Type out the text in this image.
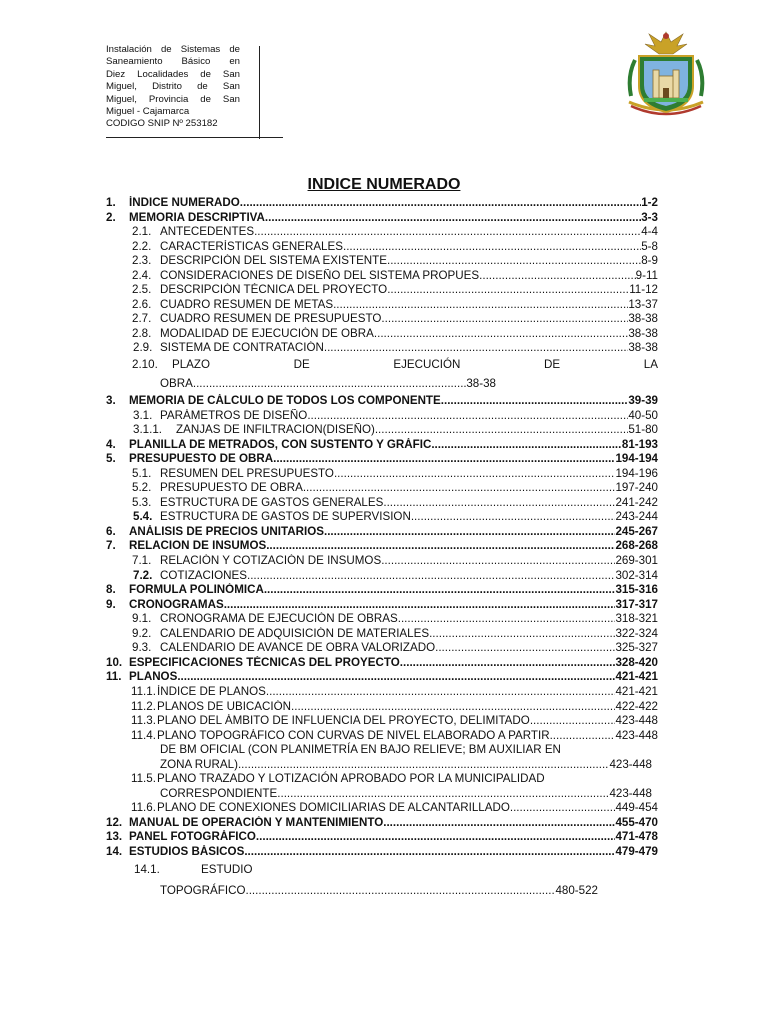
Instalación de Sistemas de
Saneamiento Básico en
Diez Localidades de San
Miguel, Distrito de San
Miguel, Provincia de San
Miguel - Cajamarca
CODIGO SNIP Nº 253182
INDICE NUMERADO
1. ÍNDICE NUMERADO .....	1-2
2. MEMORIA DESCRIPTIVA .....	3-3
2.1. ANTECEDENTES .....	4-4
2.2. CARACTERÍSTICAS GENERALES .....	5-8
2.3. DESCRIPCIÓN DEL SISTEMA EXISTENTE .....	8-9
2.4. CONSIDERACIONES DE DISEÑO DEL SISTEMA PROPUES .....	9-11
2.5. DESCRIPCIÓN TÉCNICA DEL PROYECTO .....	11-12
2.6. CUADRO RESUMEN DE METAS .....	13-37
2.7. CUADRO RESUMEN DE PRESUPUESTO .....	38-38
2.8. MODALIDAD DE EJECUCIÓN DE OBRA .....	38-38
2.9. SISTEMA DE CONTRATACIÓN .....	38-38
2.10. PLAZO	DE	EJECUCIÓN	DE	LA
OBRA .....	38-38
3. MEMORIA DE CÁLCULO DE TODOS LOS COMPONENTE .....	39-39
3.1. PARÁMETROS DE DISEÑO .....	40-50
3.1.1. ZANJAS DE INFILTRACION(DISEÑO) .....	51-80
4. PLANILLA DE METRADOS, CON SUSTENTO Y GRÁFIC .....	81-193
5. PRESUPUESTO DE OBRA .....	194-194
5.1. RESUMEN DEL PRESUPUESTO .....	194-196
5.2. PRESUPUESTO DE OBRA .....	197-240
5.3. ESTRUCTURA DE GASTOS GENERALES .....	241-242
5.4. ESTRUCTURA DE GASTOS DE SUPERVISION .....	243-244
6. ANÁLISIS DE PRECIOS UNITARIOS .....	245-267
7. RELACION DE INSUMOS .....	268-268
7.1. RELACIÓN Y COTIZACIÓN DE INSUMOS .....	269-301
7.2. COTIZACIONES .....	302-314
8. FORMULA POLINÓMICA .....	315-316
9. CRONOGRAMAS .....	317-317
9.1. CRONOGRAMA DE EJECUCIÓN DE OBRAS .....	318-321
9.2. CALENDARIO DE ADQUISICIÓN DE MATERIALES .....	322-324
9.3. CALENDARIO DE AVANCE DE OBRA VALORIZADO .....	325-327
10. ESPECIFICACIONES TÉCNICAS DEL PROYECTO .....	328-420
11. PLANOS .....	421-421
11.1. ÍNDICE DE PLANOS .....	421-421
11.2. PLANOS DE UBICACIÓN .....	422-422
11.3. PLANO DEL ÁMBITO DE INFLUENCIA DEL PROYECTO, DELIMITADO .....	423-448
11.4. PLANO TOPOGRÁFICO CON CURVAS DE NIVEL ELABORADO A PARTIR .....	423-448
DE BM OFICIAL (CON PLANIMETRÍA EN BAJO RELIEVE; BM AUXILIAR EN
ZONA RURAL) .....	423-448
11.5. PLANO TRAZADO Y LOTIZACIÓN APROBADO POR LA MUNICIPALIDAD
CORRESPONDIENTE .....	423-448
11.6. PLANO DE CONEXIONES DOMICILIARIAS DE ALCANTARILLADO .....	449-454
12. MANUAL DE OPERACIÓN Y MANTENIMIENTO .....	455-470
13. PANEL FOTOGRÁFICO .....	471-478
14. ESTUDIOS BÁSICOS .....	479-479
14.1.	ESTUDIO
TOPOGRÁFICO .....	480-522
